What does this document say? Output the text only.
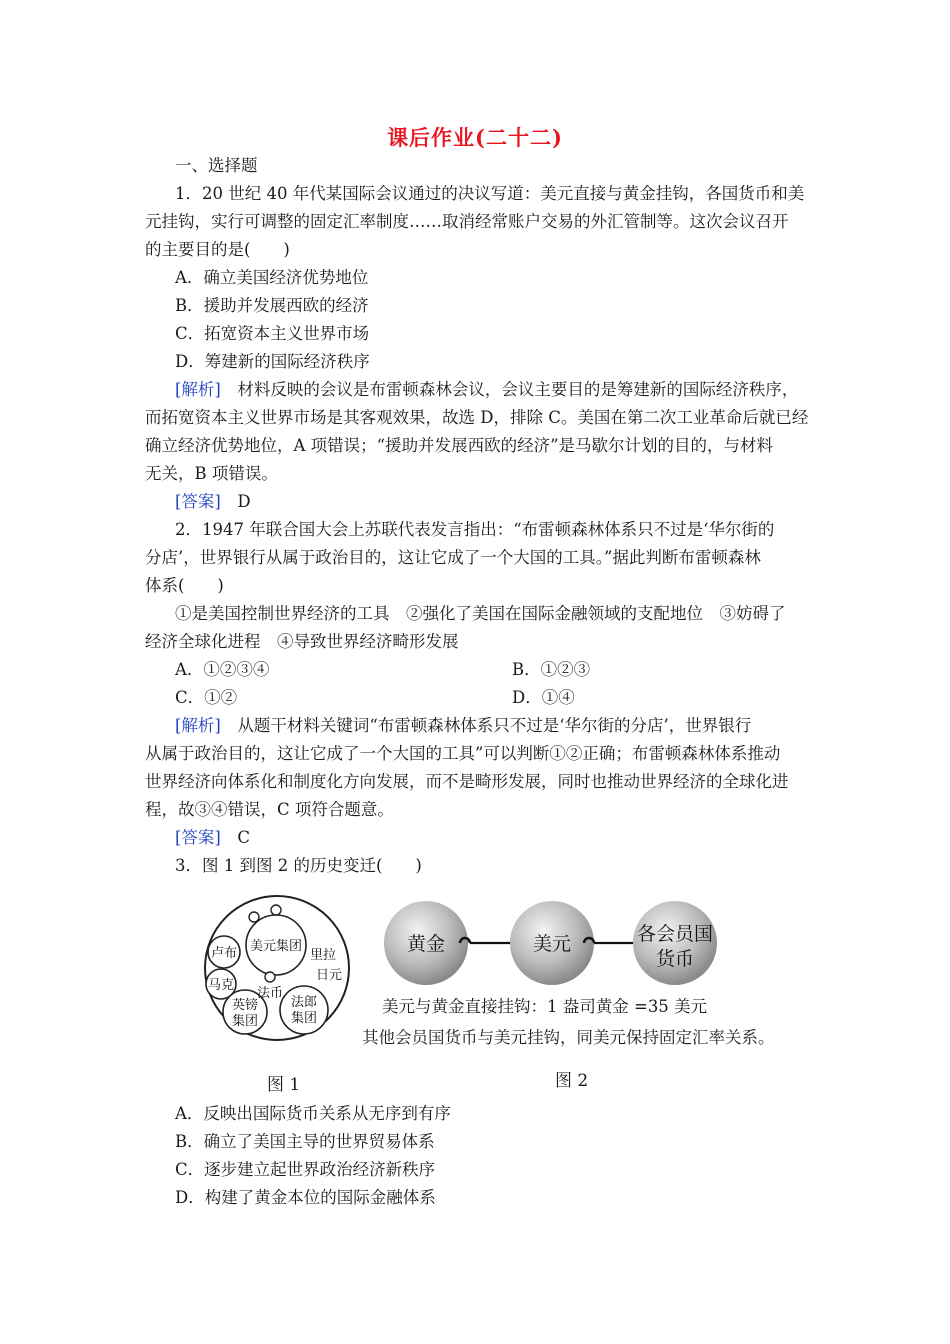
课后作业(二十二)
一、选择题
1．20 世纪 40 年代某国际会议通过的决议写道：美元直接与黄金挂钩，各国货币和美
元挂钩，实行可调整的固定汇率制度……取消经常账户交易的外汇管制等。这次会议召开
的主要目的是(　　)
A．确立美国经济优势地位
B．援助并发展西欧的经济
C．拓宽资本主义世界市场
D．筹建新的国际经济秩序
[解析]　材料反映的会议是布雷顿森林会议，会议主要目的是筹建新的国际经济秩序，
而拓宽资本主义世界市场是其客观效果，故选 D，排除 C。美国在第二次工业革命后就已经
确立经济优势地位，A 项错误；“援助并发展西欧的经济”是马歇尔计划的目的，与材料
无关，B 项错误。
[答案]　D
2．1947 年联合国大会上苏联代表发言指出：“布雷顿森林体系只不过是‘华尔街的
分店’，世界银行从属于政治目的，这让它成了一个大国的工具。”据此判断布雷顿森林
体系(　　)
①是美国控制世界经济的工具　②强化了美国在国际金融领域的支配地位　③妨碍了
经济全球化进程　④导致世界经济畸形发展
A．①②③④	B．①②③
C．①②	D．①④
[解析]　从题干材料关键词“布雷顿森林体系只不过是‘华尔街的分店’，世界银行
从属于政治目的，这让它成了一个大国的工具”可以判断①②正确；布雷顿森林体系推动
世界经济向体系化和制度化方向发展，而不是畸形发展，同时也推动世界经济的全球化进
程，故③④错误，C 项符合题意。
[答案]　C
3．图 1 到图 2 的历史变迁(　　)
卢布 美元集团
里拉
日元
马克
法币
英镑
集团
法郎
集团
图 1
黄金	美元	各会员国
货币
美元与黄金直接挂钩：1 盎司黄金 =35 美元
其他会员国货币与美元挂钩，同美元保持固定汇率关系。
图 2
A．反映出国际货币关系从无序到有序
B．确立了美国主导的世界贸易体系
C．逐步建立起世界政治经济新秩序
D．构建了黄金本位的国际金融体系
